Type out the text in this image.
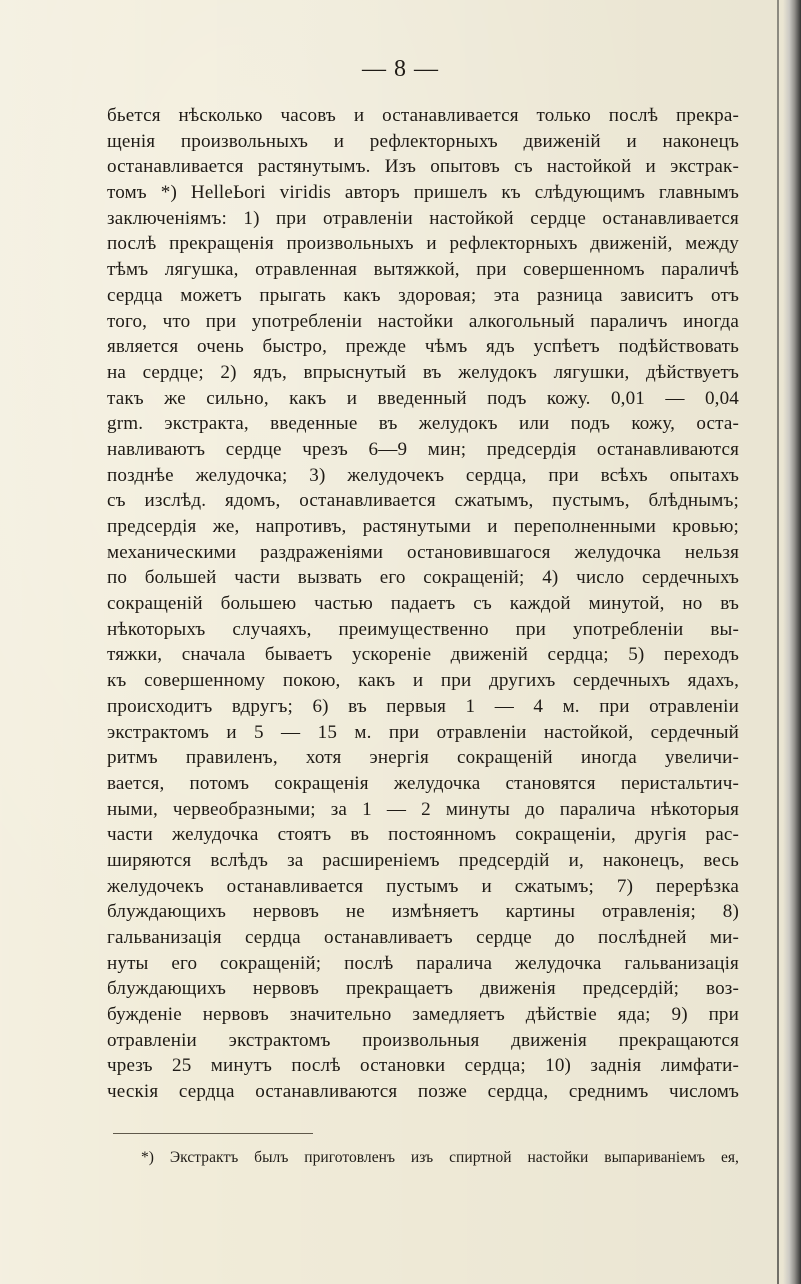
— 8 —
бьется нѣсколько часовъ и останавливается только послѣ прекра-
щенія произвольныхъ и рефлекторныхъ движеній и наконецъ
останавливается растянутымъ. Изъ опытовъ съ настойкой и экстрак-
томъ *) НеllеЬоrі vігіdіs авторъ пришелъ къ слѣдующимъ главнымъ
заключеніямъ: 1) при отравленіи настойкой сердце останавливается
послѣ прекращенія произвольныхъ и рефлекторныхъ движеній, между
тѣмъ лягушка, отравленная вытяжкой, при совершенномъ параличѣ
сердца можетъ прыгать какъ здоровая; эта разница зависитъ отъ
того, что при употребленіи настойки алкогольный параличъ иногда
является очень быстро, прежде чѣмъ ядъ успѣетъ подѣйствовать
на сердце; 2) ядъ, впрыснутый въ желудокъ лягушки, дѣйствуетъ
такъ же сильно, какъ и введенный подъ кожу. 0,01 — 0,04
grm. экстракта, введенные въ желудокъ или подъ кожу, оста-
навливаютъ сердце чрезъ 6—9 мин; предсердія останавливаются
позднѣе желудочка; 3) желудочекъ сердца, при всѣхъ опытахъ
съ изслѣд. ядомъ, останавливается сжатымъ, пустымъ, блѣднымъ;
предсердія же, напротивъ, растянутыми и переполненными кровью;
механическими раздраженіями остановившагося желудочка нельзя
по большей части вызвать его сокращеній; 4) число сердечныхъ
сокращеній большею частью падаетъ съ каждой минутой, но въ
нѣкоторыхъ случаяхъ, преимущественно при употребленіи вы-
тяжки, сначала бываетъ ускореніе движеній сердца; 5) переходъ
къ совершенному покою, какъ и при другихъ сердечныхъ ядахъ,
происходитъ вдругъ; 6) въ первыя 1 — 4 м. при отравленіи
экстрактомъ и 5 — 15 м. при отравленіи настойкой, сердечный
ритмъ правиленъ, хотя энергія сокращеній иногда увеличи-
вается, потомъ сокращенія желудочка становятся перистальтич-
ными, червеобразными; за 1 — 2 минуты до паралича нѣкоторыя
части желудочка стоятъ въ постоянномъ сокращеніи, другія рас-
ширяются вслѣдъ за расширеніемъ предсердій и, наконецъ, весь
желудочекъ останавливается пустымъ и сжатымъ; 7) перерѣзка
блуждающихъ нервовъ не измѣняетъ картины отравленія; 8)
гальванизація сердца останавливаетъ сердце до послѣдней ми-
нуты его сокращеній; послѣ паралича желудочка гальванизація
блуждающихъ нервовъ прекращаетъ движенія предсердій; воз-
бужденіе нервовъ значительно замедляетъ дѣйствіе яда; 9) при
отравленіи экстрактомъ произвольныя движенія прекращаются
чрезъ 25 минутъ послѣ остановки сердца; 10) заднія лимфати-
ческія сердца останавливаются позже сердца, среднимъ числомъ
*) Экстрактъ былъ приготовленъ изъ спиртной настойки выпариваніемъ ея,
